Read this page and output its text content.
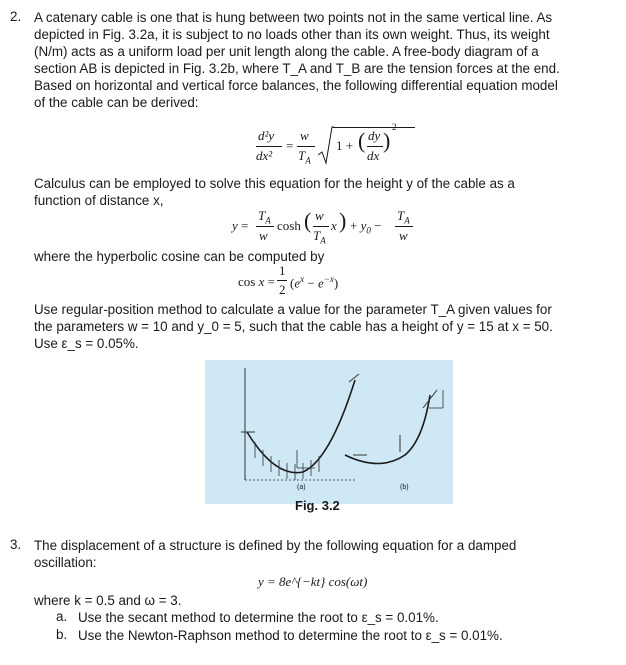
2. A catenary cable is one that is hung between two points not in the same vertical line. As
depicted in Fig. 3.2a, it is subject to no loads other than its own weight. Thus, its weight
(N/m) acts as a uniform load per unit length along the cable. A free-body diagram of a
section AB is depicted in Fig. 3.2b, where T_A and T_B are the tension forces at the end.
Based on horizontal and vertical force balances, the following differential equation model
of the cable can be derived:
d²y
dx²
=
w
$T_A$
1 + ( dy
dx
)
2
Calculus can be employed to solve this equation for the height y of the cable as a
function of distance x,
y =
$T_A$
w
cosh ( w
$T_A$
x ) + $y_0$ −
$T_A$
w
where the hyperbolic cosine can be computed by
cos x =
1
2 $(e^x - e^{-x})$
Use regular-position method to calculate a value for the parameter T_A given values for
the parameters w = 10 and y_0 = 5, such that the cable has a height of y = 15 at x = 50.
Use ε_s = 0.05%.
(a)	(b)
Fig. 3.2
3. The displacement of a structure is defined by the following equation for a damped
oscillation:
y = 8e^{−kt} cos(ωt)
where k = 0.5 and ω = 3.
a. Use the secant method to determine the root to ε_s = 0.01%.
b. Use the Newton-Raphson method to determine the root to ε_s = 0.01%.
